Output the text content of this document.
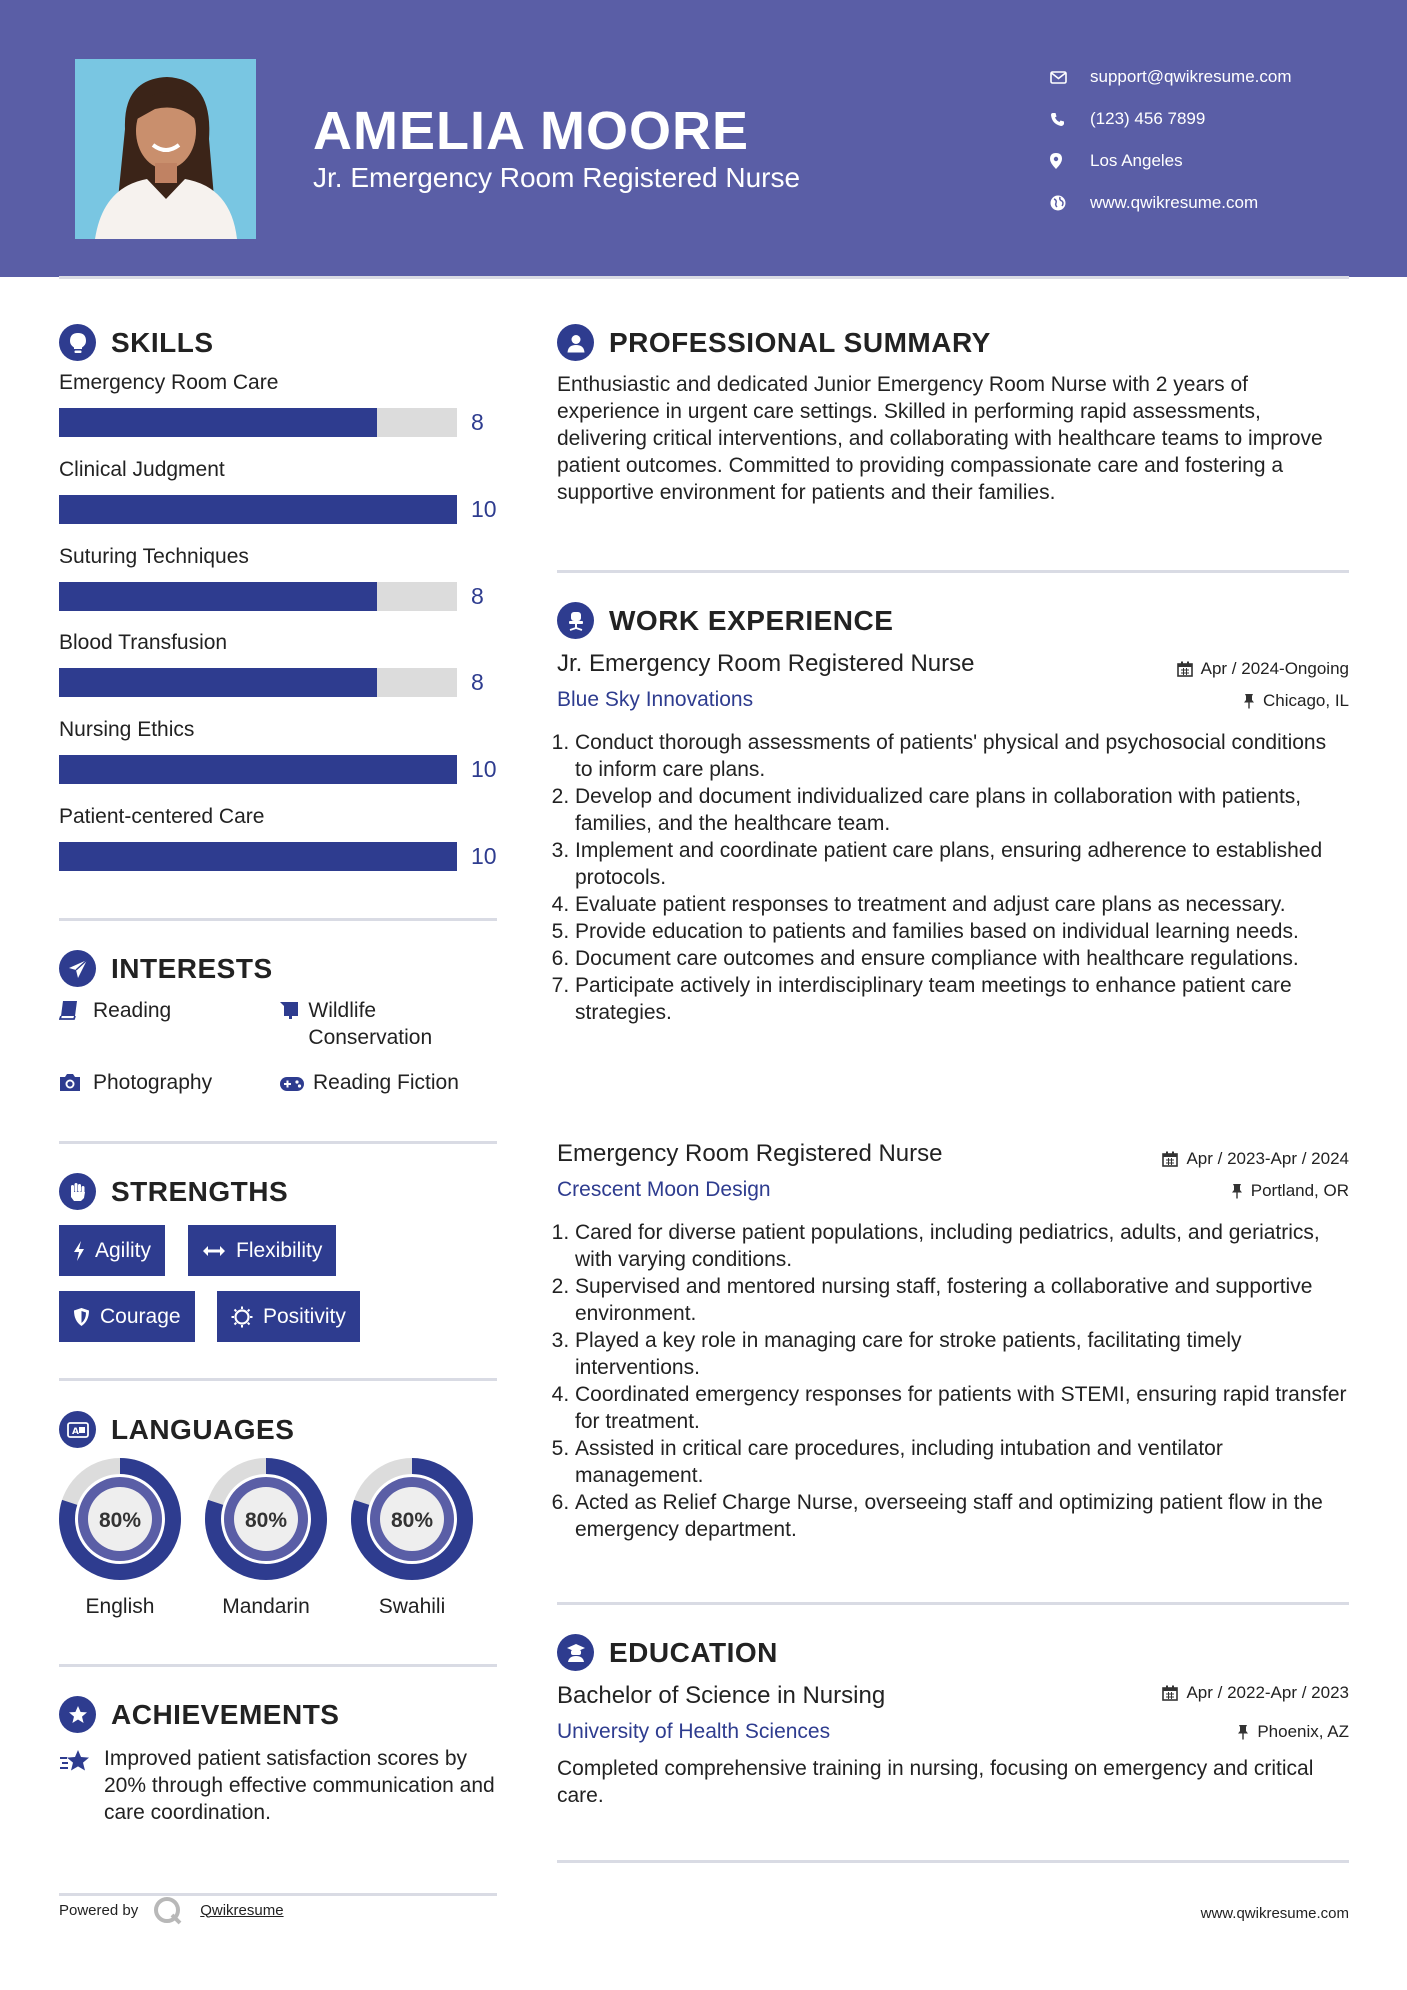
AMELIA MOORE
Jr. Emergency Room Registered Nurse
support@qwikresume.com
(123) 456 7899
Los Angeles
www.qwikresume.com
SKILLS
Emergency Room Care
8
Clinical Judgment
10
Suturing Techniques
8
Blood Transfusion
8
Nursing Ethics
10
Patient-centered Care
10
INTERESTS
Reading	Wildlife Conservation
Photography	Reading Fiction
STRENGTHS
Agility	Flexibility
Courage	Positivity
A LANGUAGES
80%
English
80%
Mandarin
80%
Swahili
ACHIEVEMENTS
Improved patient satisfaction scores by 20% through effective communication and care coordination.
PROFESSIONAL SUMMARY
Enthusiastic and dedicated Junior Emergency Room Nurse with 2 years of experience in urgent care settings. Skilled in performing rapid assessments, delivering critical interventions, and collaborating with healthcare teams to improve patient outcomes. Committed to providing compassionate care and fostering a supportive environment for patients and their families.
WORK EXPERIENCE
Jr. Emergency Room Registered Nurse	Apr / 2024-Ongoing
Blue Sky Innovations	Chicago, IL
1. Conduct thorough assessments of patients' physical and psychosocial conditions to inform care plans.
2. Develop and document individualized care plans in collaboration with patients, families, and the healthcare team.
3. Implement and coordinate patient care plans, ensuring adherence to established protocols.
4. Evaluate patient responses to treatment and adjust care plans as necessary.
5. Provide education to patients and families based on individual learning needs.
6. Document care outcomes and ensure compliance with healthcare regulations.
7. Participate actively in interdisciplinary team meetings to enhance patient care strategies.
Emergency Room Registered Nurse	Apr / 2023-Apr / 2024
Crescent Moon Design	Portland, OR
1. Cared for diverse patient populations, including pediatrics, adults, and geriatrics, with varying conditions.
2. Supervised and mentored nursing staff, fostering a collaborative and supportive environment.
3. Played a key role in managing care for stroke patients, facilitating timely interventions.
4. Coordinated emergency responses for patients with STEMI, ensuring rapid transfer for treatment.
5. Assisted in critical care procedures, including intubation and ventilator management.
6. Acted as Relief Charge Nurse, overseeing staff and optimizing patient flow in the emergency department.
EDUCATION
Bachelor of Science in Nursing	Apr / 2022-Apr / 2023
University of Health Sciences	Phoenix, AZ
Completed comprehensive training in nursing, focusing on emergency and critical care.
Powered by	Qwikresume	www.qwikresume.com
